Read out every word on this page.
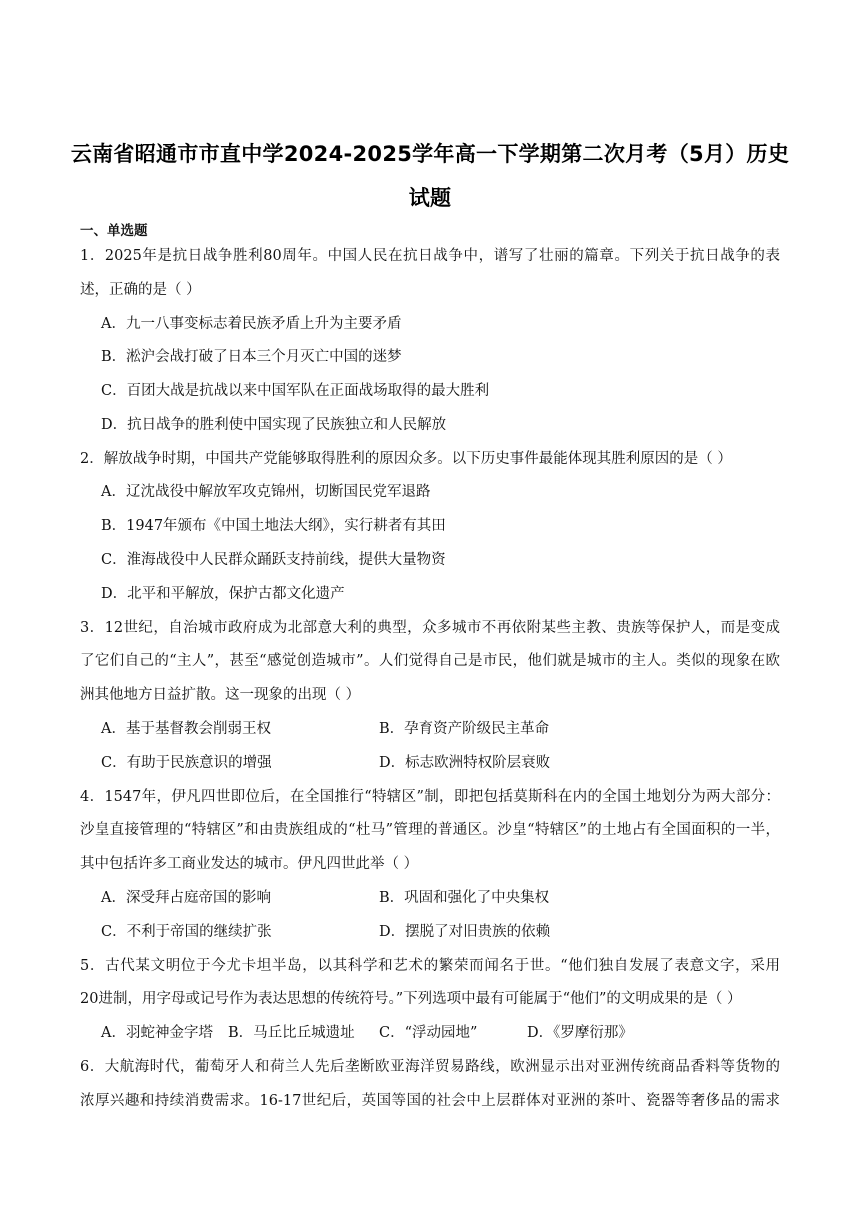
云南省昭通市市直中学2024-2025学年高一下学期第二次月考（5月）历史
试题
一、单选题
1．2025年是抗日战争胜利80周年。中国人民在抗日战争中，谱写了壮丽的篇章。下列关于抗日战争的表
述，正确的是（ ）
A．九一八事变标志着民族矛盾上升为主要矛盾
B．淞沪会战打破了日本三个月灭亡中国的迷梦
C．百团大战是抗战以来中国军队在正面战场取得的最大胜利
D．抗日战争的胜利使中国实现了民族独立和人民解放
2．解放战争时期，中国共产党能够取得胜利的原因众多。以下历史事件最能体现其胜利原因的是（ ）
A．辽沈战役中解放军攻克锦州，切断国民党军退路
B．1947年颁布《中国土地法大纲》，实行耕者有其田
C．淮海战役中人民群众踊跃支持前线，提供大量物资
D．北平和平解放，保护古都文化遗产
3．12世纪，自治城市政府成为北部意大利的典型，众多城市不再依附某些主教、贵族等保护人，而是变成
了它们自己的“主人”，甚至“感觉创造城市”。人们觉得自己是市民，他们就是城市的主人。类似的现象在欧
洲其他地方日益扩散。这一现象的出现（ ）
A．基于基督教会削弱王权	B．孕育资产阶级民主革命
C．有助于民族意识的增强	D．标志欧洲特权阶层衰败
4．1547年，伊凡四世即位后，在全国推行“特辖区”制，即把包括莫斯科在内的全国土地划分为两大部分：
沙皇直接管理的“特辖区”和由贵族组成的“杜马”管理的普通区。沙皇“特辖区”的土地占有全国面积的一半，
其中包括许多工商业发达的城市。伊凡四世此举（ ）
A．深受拜占庭帝国的影响	B．巩固和强化了中央集权
C．不利于帝国的继续扩张	D．摆脱了对旧贵族的依赖
5．古代某文明位于今尤卡坦半岛，以其科学和艺术的繁荣而闻名于世。“他们独自发展了表意文字，采用
20进制，用字母或记号作为表达思想的传统符号。”下列选项中最有可能属于“他们”的文明成果的是（ ）
A．羽蛇神金字塔 B．马丘比丘城遗址 C．“浮动园地”	D．《罗摩衍那》
6．大航海时代，葡萄牙人和荷兰人先后垄断欧亚海洋贸易路线，欧洲显示出对亚洲传统商品香料等货物的
浓厚兴趣和持续消费需求。16-17世纪后，英国等国的社会中上层群体对亚洲的茶叶、瓷器等奢侈品的需求
